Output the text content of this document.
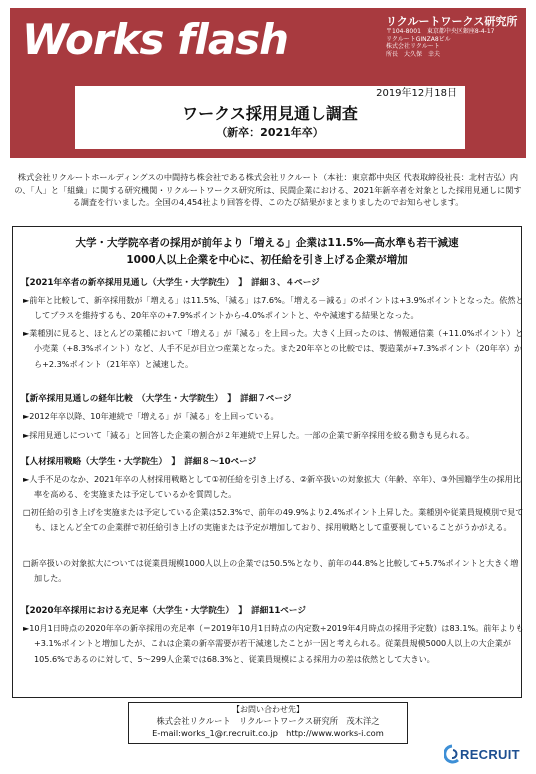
Works flash	リクルートワークス研究所
〒104-8001　東京都中央区銀座8-4-17
リクルートGINZA8ビル
株式会社リクルート
所長　大久保　幸夫
2019年12月18日
ワークス採用見通し調査
（新卒：2021年卒）
株式会社リクルートホールディングスの中間持ち株会社である株式会社リクルート（本社：東京都中央区 代表取締役社長：北村吉弘）内の、「人」と「組織」に関する研究機関・リクルートワークス研究所は、民間企業における、2021年新卒者を対象とした採用見通しに関する調査を行いました。全国の4,454社より回答を得、このたび結果がまとまりましたのでお知らせします。
大学・大学院卒者の採用が前年より「増える」企業は11.5%―高水準も若干減速
1000人以上企業を中心に、初任給を引き上げる企業が増加
【2021年卒者の新卒採用見通し（大学生・大学院生）　】　詳細３、４ページ
►前年と比較して、新卒採用数が「増える」は11.5%、「減る」は7.6%。「増える－減る」のポイントは+3.9%ポイントとなった。依然としてプラスを維持するも、20年卒の+7.9%ポイントから-4.0%ポイントと、やや減速する結果となった。
►業種別に見ると、ほとんどの業種において「増える」が「減る」を上回った。大きく上回ったのは、情報通信業（+11.0%ポイント）と小売業（+8.3%ポイント）など、人手不足が目立つ産業となった。また20年卒との比較では、製造業が+7.3%ポイント（20年卒）から+2.3%ポイント（21年卒）と減速した。
【新卒採用見通しの経年比較　（大学生・大学院生）　】　詳細７ページ
►2012年卒以降、10年連続で「増える」が「減る」を上回っている。
►採用見通しについて「減る」と回答した企業の割合が２年連続で上昇した。一部の企業で新卒採用を絞る動きも見られる。
【人材採用戦略（大学生・大学院生）　】　詳細８～10ページ
►人手不足のなか、2021年卒の人材採用戦略として①初任給を引き上げる、②新卒扱いの対象拡大（年齢、卒年）、③外国籍学生の採用比率を高める、を実施または予定しているかを質問した。
□初任給の引き上げを実施または予定している企業は52.3%で、前年の49.9%より2.4%ポイント上昇した。業種別や従業員規模別で見ても、ほとんど全ての企業群で初任給引き上げの実施または予定が増加しており、採用戦略として重要視していることがうかがえる。
□新卒扱いの対象拡大については従業員規模1000人以上の企業では50.5%となり、前年の44.8%と比較して+5.7%ポイントと大きく増加した。
【2020年卒採用における充足率（大学生・大学院生）　】　詳細11ページ
►10月1日時点の2020年卒の新卒採用の充足率（＝2019年10月1日時点の内定数÷2019年4月時点の採用予定数）は83.1%。前年よりも+3.1%ポイントと増加したが、これは企業の新卒需要が若干減速したことが一因と考えられる。従業員規模5000人以上の大企業が105.6%であるのに対して、5～299人企業では68.3%と、従業員規模による採用力の差は依然として大きい。
【お問い合わせ先】
株式会社リクルート　リクルートワークス研究所　茂木洋之
E-mail:works_1@r.recruit.co.jp　http://www.works-i.com
RECRUIT
